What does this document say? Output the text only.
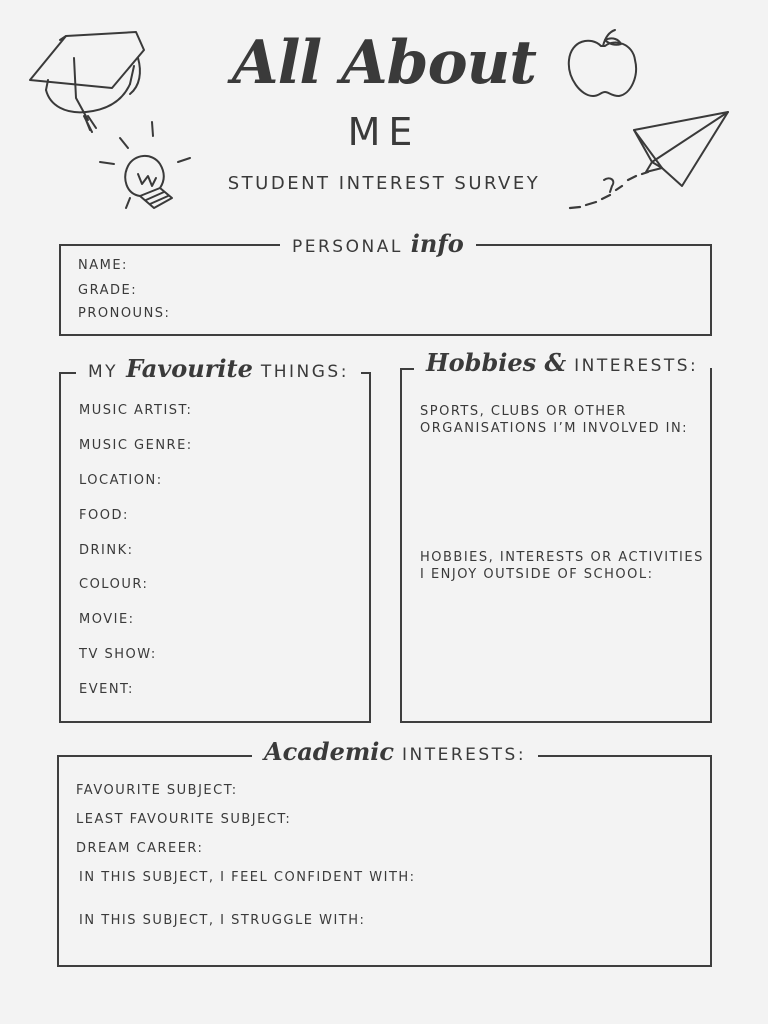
All About
ME
STUDENT INTEREST SURVEY
PERSONAL info
NAME:
GRADE:
PRONOUNS:
MY Favourite THINGS:
MUSIC ARTIST:
MUSIC GENRE:
LOCATION:
FOOD:
DRINK:
COLOUR:
MOVIE:
TV SHOW:
EVENT:
Hobbies & INTERESTS:
SPORTS, CLUBS OR OTHER
ORGANISATIONS I’M INVOLVED IN:
HOBBIES, INTERESTS OR ACTIVITIES
I ENJOY OUTSIDE OF SCHOOL:
Academic INTERESTS:
FAVOURITE SUBJECT:
LEAST FAVOURITE SUBJECT:
DREAM CAREER:
IN THIS SUBJECT, I FEEL CONFIDENT WITH:
IN THIS SUBJECT, I STRUGGLE WITH:
